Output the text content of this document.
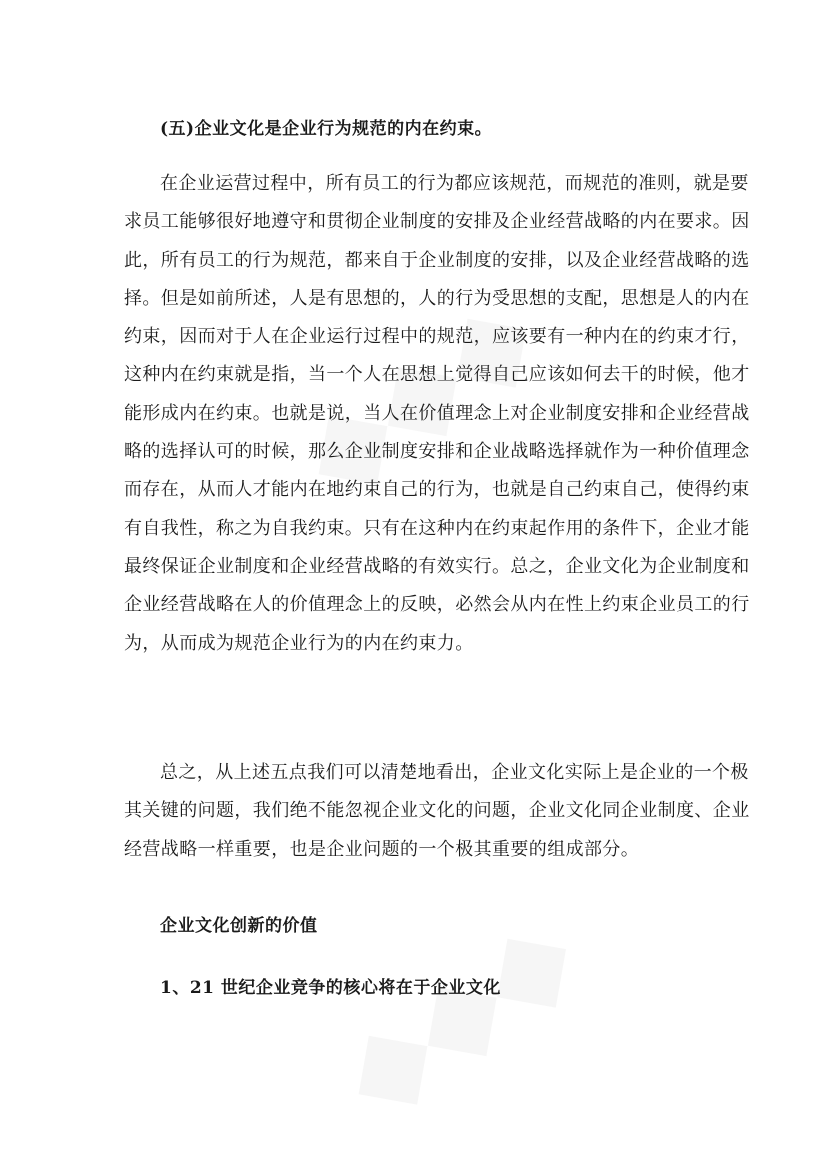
(五)企业文化是企业行为规范的内在约束。
在企业运营过程中，所有员工的行为都应该规范，而规范的准则，就是要
求员工能够很好地遵守和贯彻企业制度的安排及企业经营战略的内在要求。因
此，所有员工的行为规范，都来自于企业制度的安排，以及企业经营战略的选
择。但是如前所述，人是有思想的，人的行为受思想的支配，思想是人的内在
约束，因而对于人在企业运行过程中的规范，应该要有一种内在的约束才行，
这种内在约束就是指，当一个人在思想上觉得自己应该如何去干的时候，他才
能形成内在约束。也就是说，当人在价值理念上对企业制度安排和企业经营战
略的选择认可的时候，那么企业制度安排和企业战略选择就作为一种价值理念
而存在，从而人才能内在地约束自己的行为，也就是自己约束自己，使得约束
有自我性，称之为自我约束。只有在这种内在约束起作用的条件下，企业才能
最终保证企业制度和企业经营战略的有效实行。总之，企业文化为企业制度和
企业经营战略在人的价值理念上的反映，必然会从内在性上约束企业员工的行
为，从而成为规范企业行为的内在约束力。
总之，从上述五点我们可以清楚地看出，企业文化实际上是企业的一个极
其关键的问题，我们绝不能忽视企业文化的问题，企业文化同企业制度、企业
经营战略一样重要，也是企业问题的一个极其重要的组成部分。
企业文化创新的价值
1、21 世纪企业竞争的核心将在于企业文化
